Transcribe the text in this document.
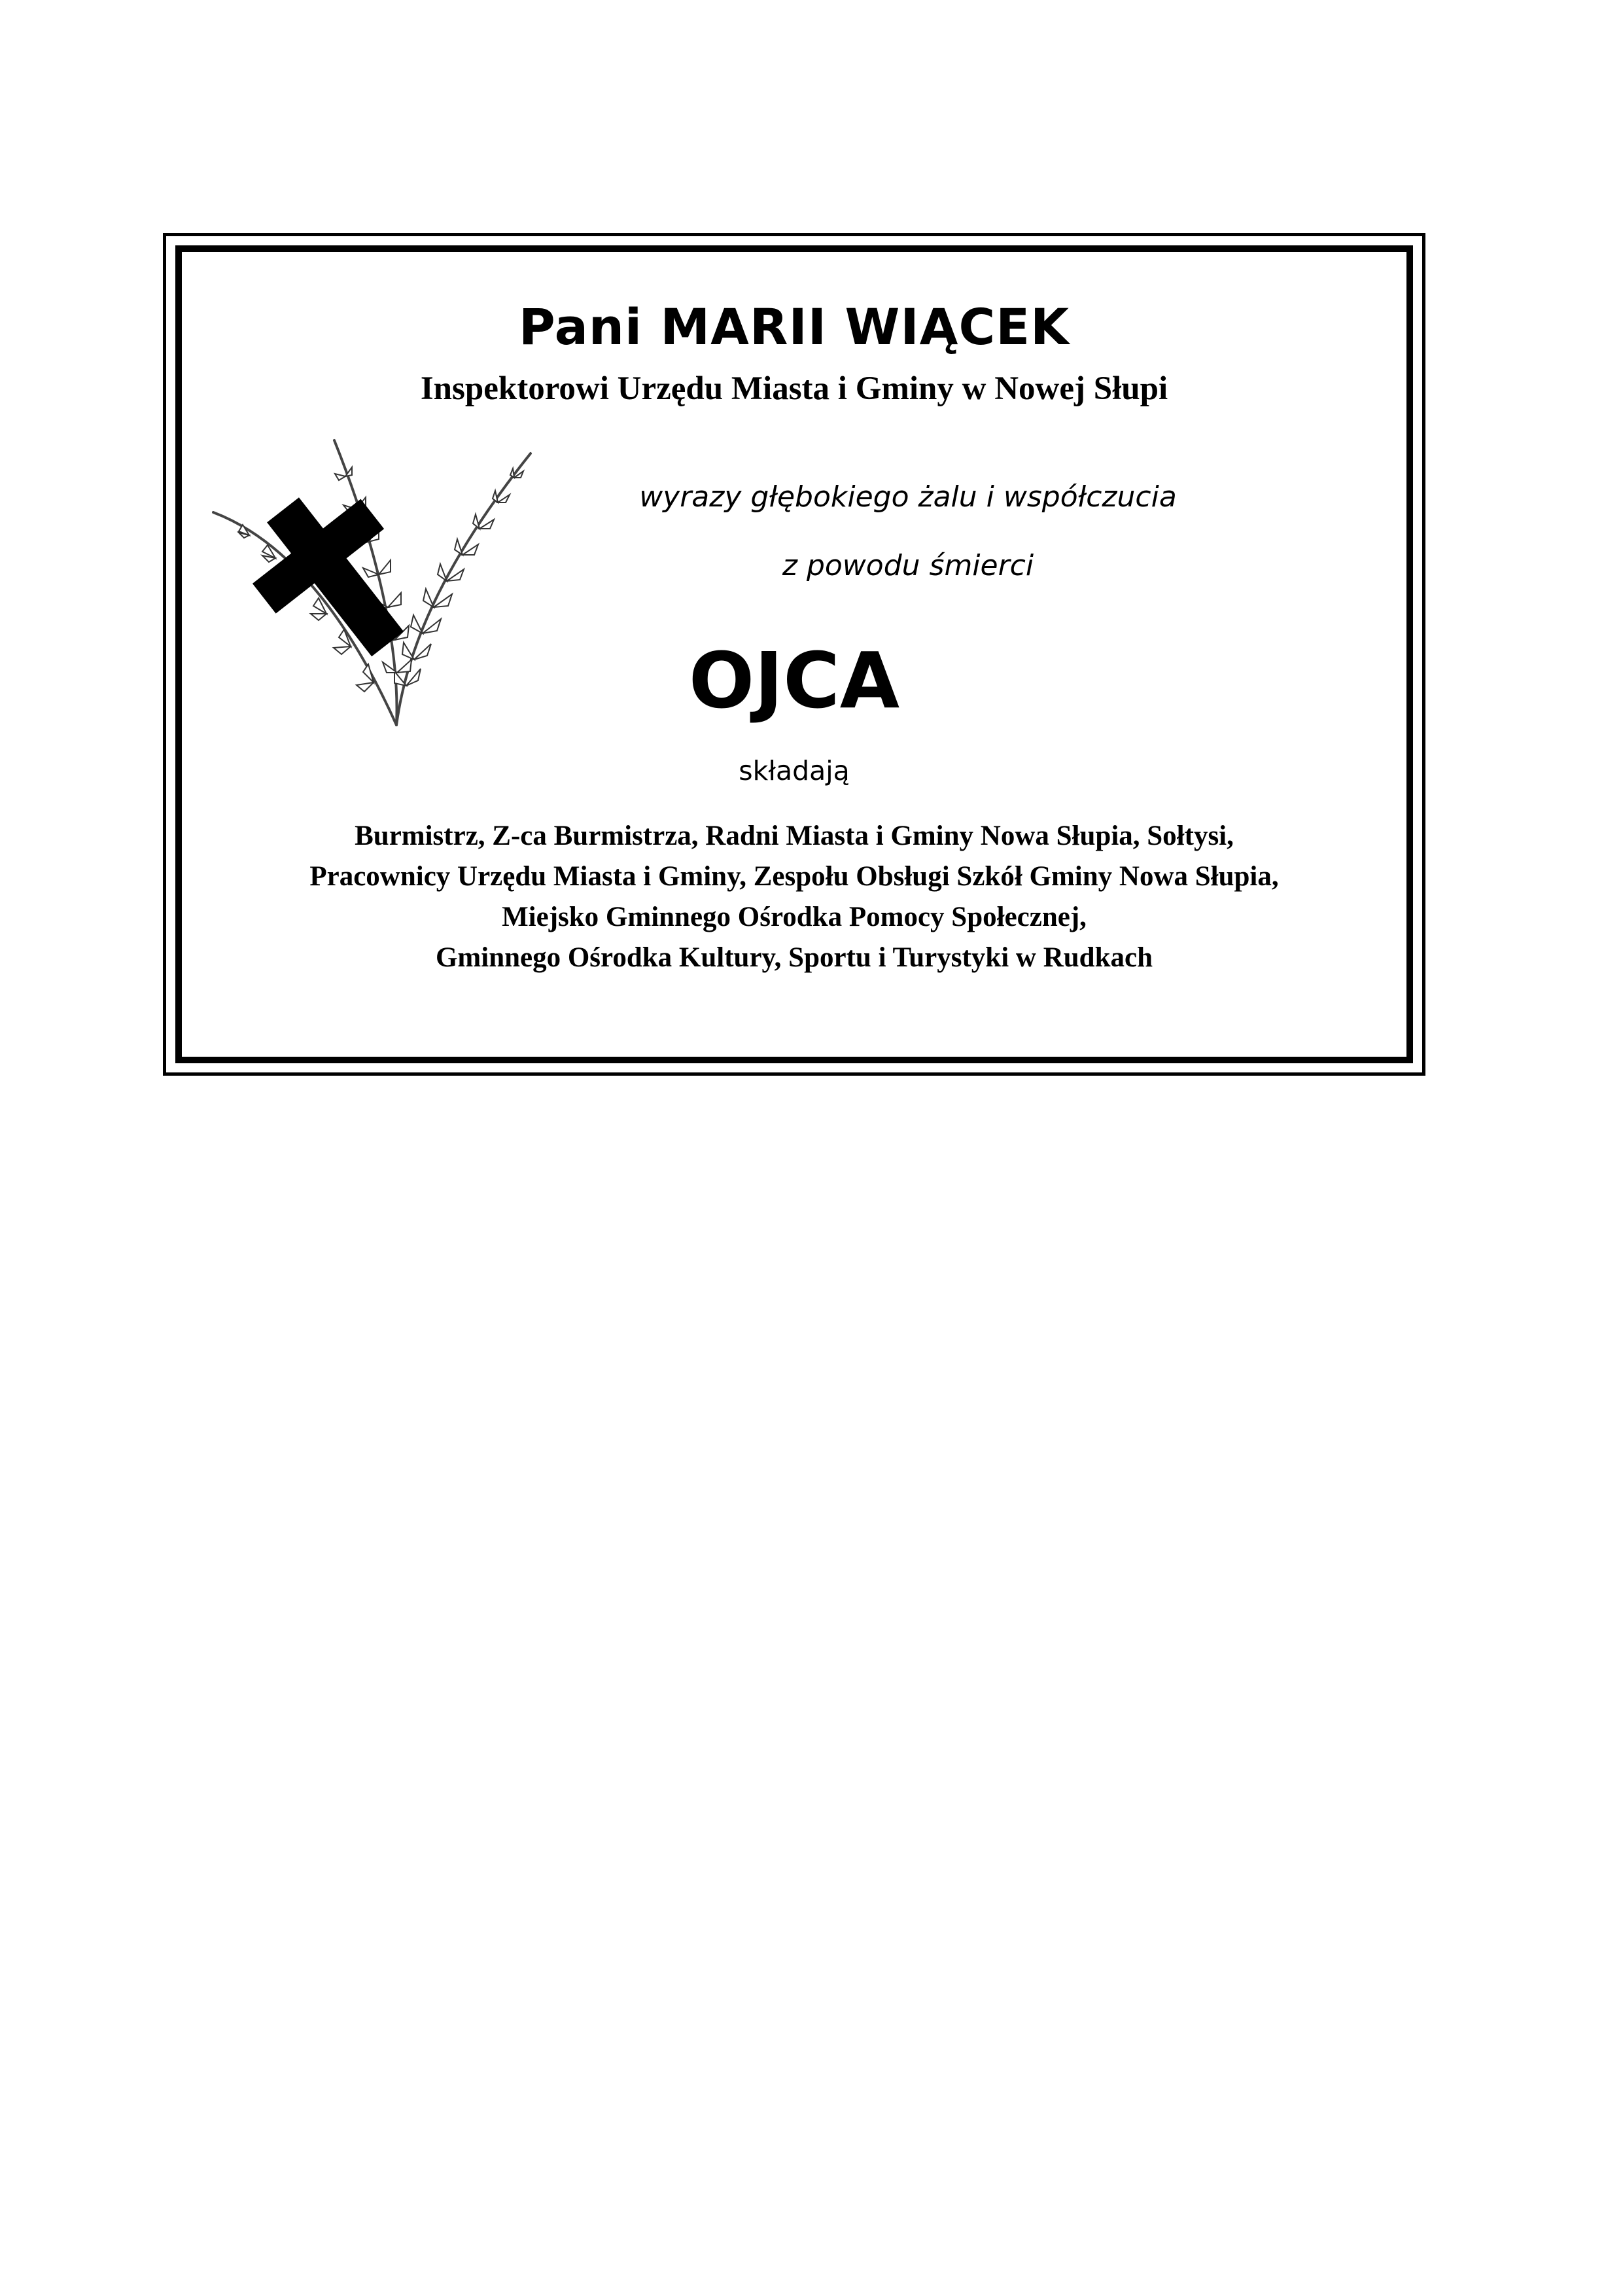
Pani MARII WIĄCEK
Inspektorowi Urzędu Miasta i Gminy w Nowej Słupi
wyrazy głębokiego żalu i współczucia
z powodu śmierci
OJCA
składają
Burmistrz, Z-ca Burmistrza, Radni Miasta i Gminy Nowa Słupia, Sołtysi,
Pracownicy Urzędu Miasta i Gminy, Zespołu Obsługi Szkół Gminy Nowa Słupia,
Miejsko Gminnego Ośrodka Pomocy Społecznej,
Gminnego Ośrodka Kultury, Sportu i Turystyki w Rudkach
